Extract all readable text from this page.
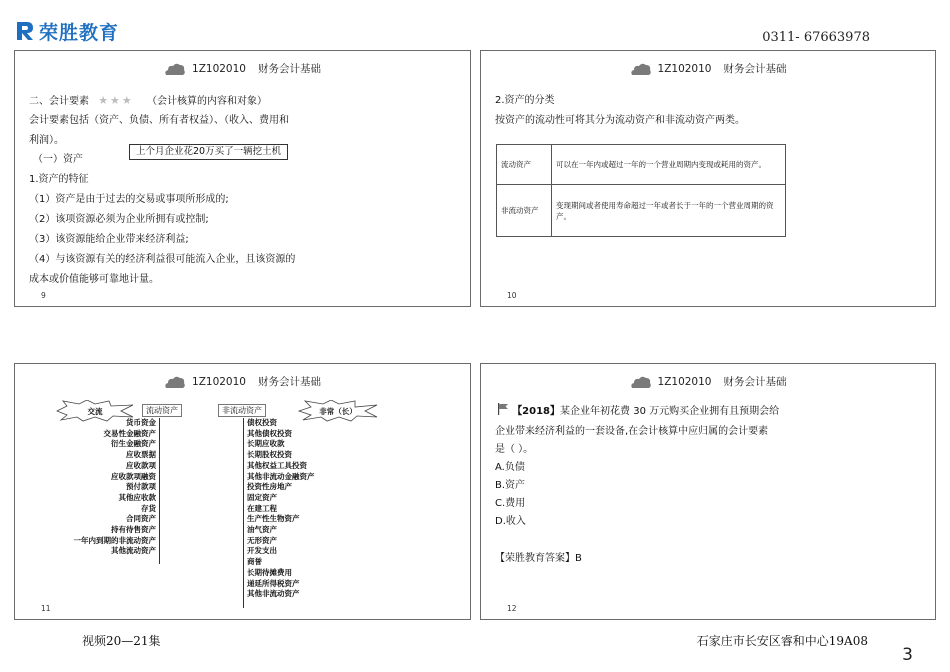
荣胜教育	0311- 67663978
1Z102010 财务会计基础
二、会计要素 ★★★ （会计核算的内容和对象）
会计要素包括（资产、负债、所有者权益）、（收入、费用和
利润）。
上个月企业花20万买了一辆挖土机
（一）资产
1.资产的特征
（1）资产是由于过去的交易或事项所形成的;
（2）该项资源必须为企业所拥有或控制;
（3）该资源能给企业带来经济利益;
（4）与该资源有关的经济利益很可能流入企业，且该资源的
成本或价值能够可靠地计量。
9
1Z102010 财务会计基础
2.资产的分类
按资产的流动性可将其分为流动资产和非流动资产两类。
流动资产	可以在一年内或超过一年的一个营业周期内变现或耗用的资产。
非流动资产	变现期间或者使用寿命超过一年或者长于一年的一个营业周期的资产。
10
1Z102010 财务会计基础
交流	非常（长）
流动资产	非流动资产
货币资金
交易性金融资产
衍生金融资产
应收票据
应收款项
应收款项融资
预付款项
其他应收款
存货
合同资产
持有待售资产
一年内到期的非流动资产
其他流动资产
债权投资
其他债权投资
长期应收款
长期股权投资
其他权益工具投资
其他非流动金融资产
投资性房地产
固定资产
在建工程
生产性生物资产
油气资产
无形资产
开发支出
商誉
长期待摊费用
递延所得税资产
其他非流动资产
11
1Z102010 财务会计基础
【2018】某企业年初花费 30 万元购买企业拥有且预期会给
企业带来经济利益的一套设备,在会计核算中应归属的会计要素
是（ ）。
A.负债
B.资产
C.费用
D.收入
【荣胜教育答案】B
12
视频20—21集	石家庄市长安区睿和中心19A08
3
